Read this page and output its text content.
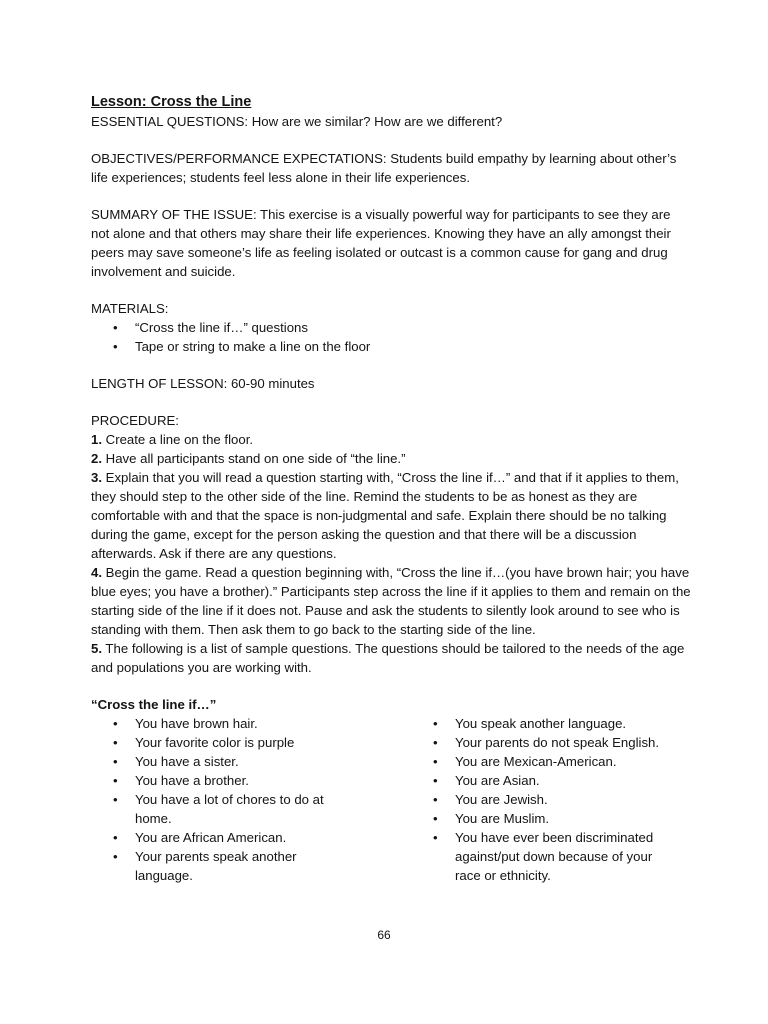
Lesson: Cross the Line

ESSENTIAL QUESTIONS: How are we similar? How are we different?

OBJECTIVES/PERFORMANCE EXPECTATIONS: Students build empathy by learning about other’s life experiences; students feel less alone in their life experiences.

SUMMARY OF THE ISSUE: This exercise is a visually powerful way for participants to see they are not alone and that others may share their life experiences. Knowing they have an ally amongst their peers may save someone’s life as feeling isolated or outcast is a common cause for gang and drug involvement and suicide.

MATERIALS:

• “Cross the line if…” questions
• Tape or string to make a line on the floor

LENGTH OF LESSON: 60-90 minutes

PROCEDURE:

1. Create a line on the floor.

2. Have all participants stand on one side of “the line.”

3. Explain that you will read a question starting with, “Cross the line if…” and that if it applies to them, they should step to the other side of the line. Remind the students to be as honest as they are comfortable with and that the space is non-judgmental and safe. Explain there should be no talking during the game, except for the person asking the question and that there will be a discussion afterwards. Ask if there are any questions.

4. Begin the game. Read a question beginning with, “Cross the line if…(you have brown hair; you have blue eyes; you have a brother).” Participants step across the line if it applies to them and remain on the starting side of the line if it does not. Pause and ask the students to silently look around to see who is standing with them. Then ask them to go back to the starting side of the line.

5. The following is a list of sample questions. The questions should be tailored to the needs of the age and populations you are working with.

“Cross the line if…”

• You have brown hair.
• Your favorite color is purple
• You have a sister.
• You have a brother.
• You have a lot of chores to do at home.
• You are African American.
• Your parents speak another language.
• You speak another language.
• Your parents do not speak English.
• You are Mexican-American.
• You are Asian.
• You are Jewish.
• You are Muslim.
• You have ever been discriminated against/put down because of your race or ethnicity.
66
